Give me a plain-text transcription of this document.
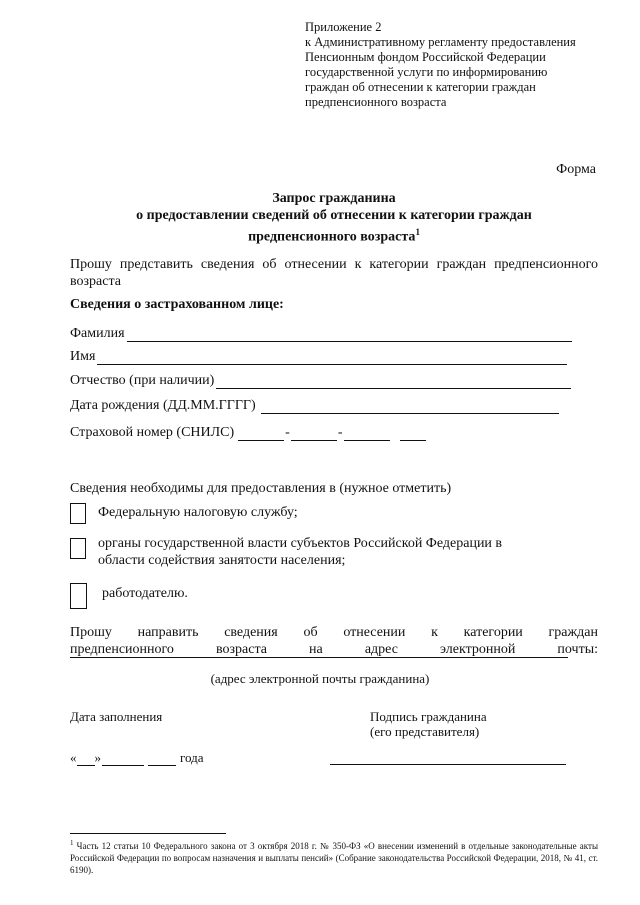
Приложение 2
к Административному регламенту предоставления
Пенсионным фондом Российской Федерации
государственной услуги по информированию
граждан об отнесении к категории граждан
предпенсионного возраста
Форма
Запрос гражданина
о предоставлении сведений об отнесении к категории граждан
предпенсионного возраста$^1$
Прошу представить сведения об отнесении к категории граждан предпенсионного возраста
Сведения о застрахованном лице:
Фамилия
Имя
Отчество (при наличии)
Дата рождения (ДД.ММ.ГГГГ)
Страховой номер (СНИЛС)	-	-
Сведения необходимы для предоставления в (нужное отметить)
Федеральную налоговую службу;
органы государственной власти субъектов Российской Федерации в
области содействия занятости населения;
работодателю.
Прошу направить сведения об отнесении к категории граждан
предпенсионного возраста на адрес электронной почты:
(адрес электронной почты гражданина)
Дата заполнения	Подпись гражданина
(его представителя)
« »	года
$^1$ Часть 12 статьи 10 Федерального закона от 3 октября 2018 г. № 350-ФЗ «О внесении изменений в отдельные законодательные акты Российской Федерации по вопросам назначения и выплаты пенсий» (Собрание законодательства Российской Федерации, 2018, № 41, ст. 6190).
